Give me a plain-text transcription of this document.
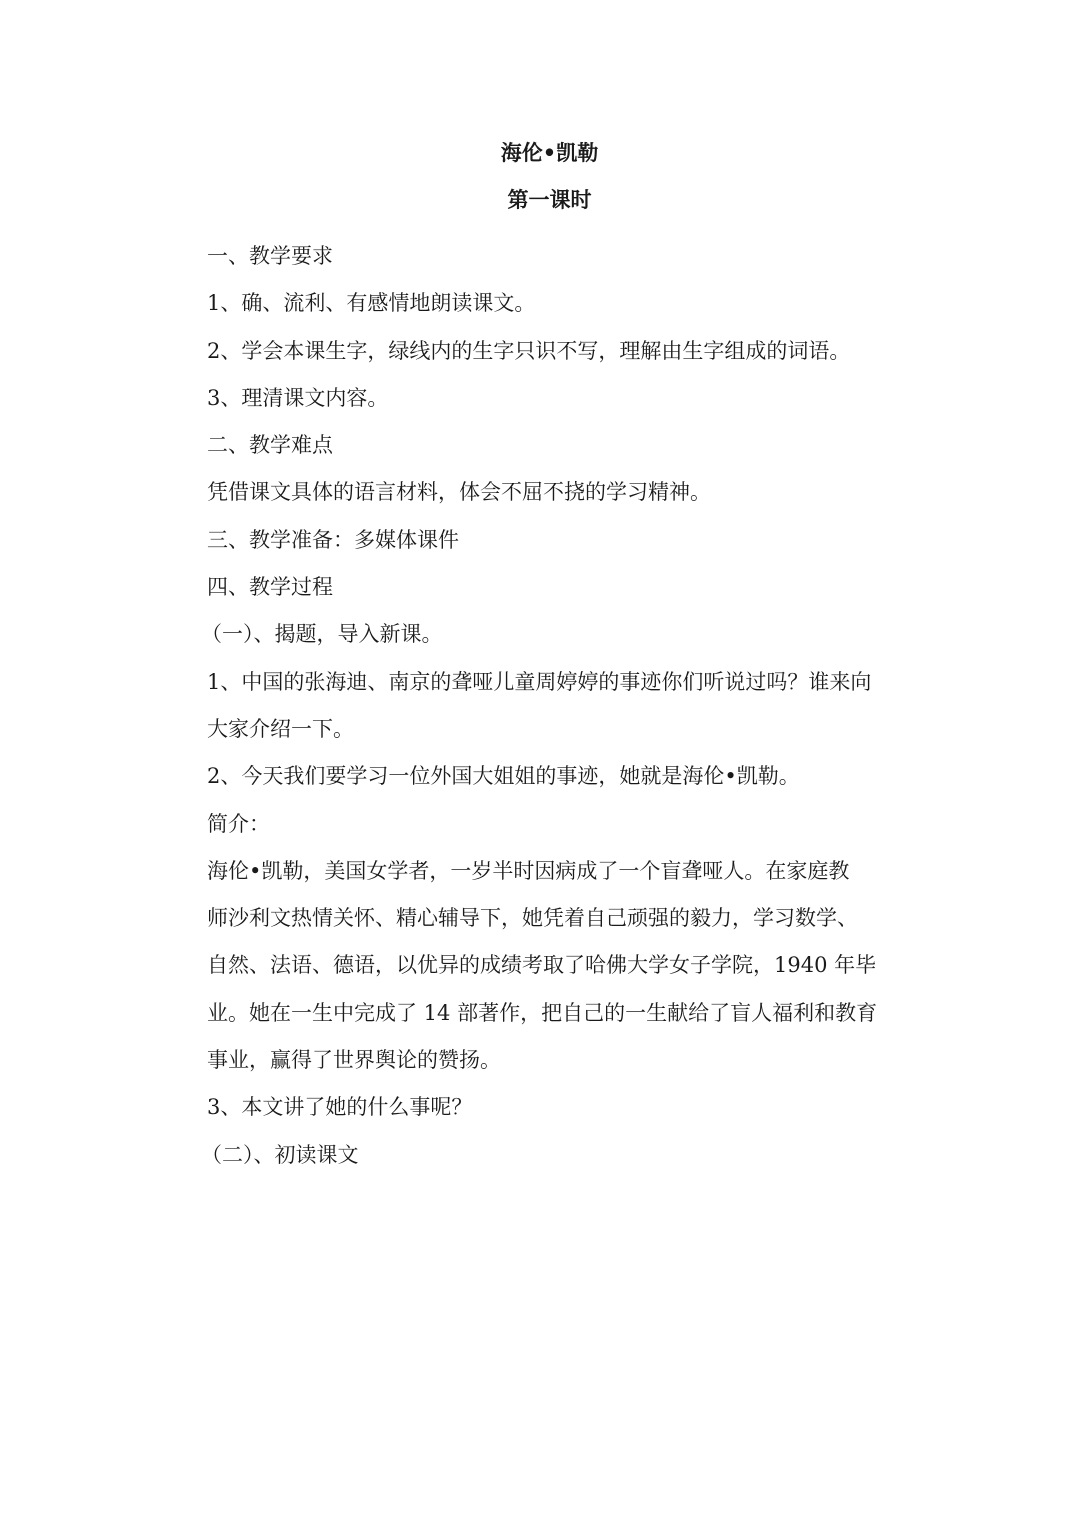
海伦•凯勒
第一课时

一、教学要求

1、确、流利、有感情地朗读课文。

2、学会本课生字，绿线内的生字只识不写，理解由生字组成的词语。

3、理清课文内容。

二、教学难点

凭借课文具体的语言材料，体会不屈不挠的学习精神。

三、教学准备：多媒体课件

四、教学过程

（一）、揭题，导入新课。

1、中国的张海迪、南京的聋哑儿童周婷婷的事迹你们听说过吗？谁来向

大家介绍一下。

2、今天我们要学习一位外国大姐姐的事迹，她就是海伦•凯勒。

简介：

海伦•凯勒，美国女学者，一岁半时因病成了一个盲聋哑人。在家庭教

师沙利文热情关怀、精心辅导下，她凭着自己顽强的毅力，学习数学、

自然、法语、德语，以优异的成绩考取了哈佛大学女子学院，1940 年毕

业。她在一生中完成了 14 部著作，把自己的一生献给了盲人福利和教育

事业，赢得了世界舆论的赞扬。

3、本文讲了她的什么事呢？

（二）、初读课文
